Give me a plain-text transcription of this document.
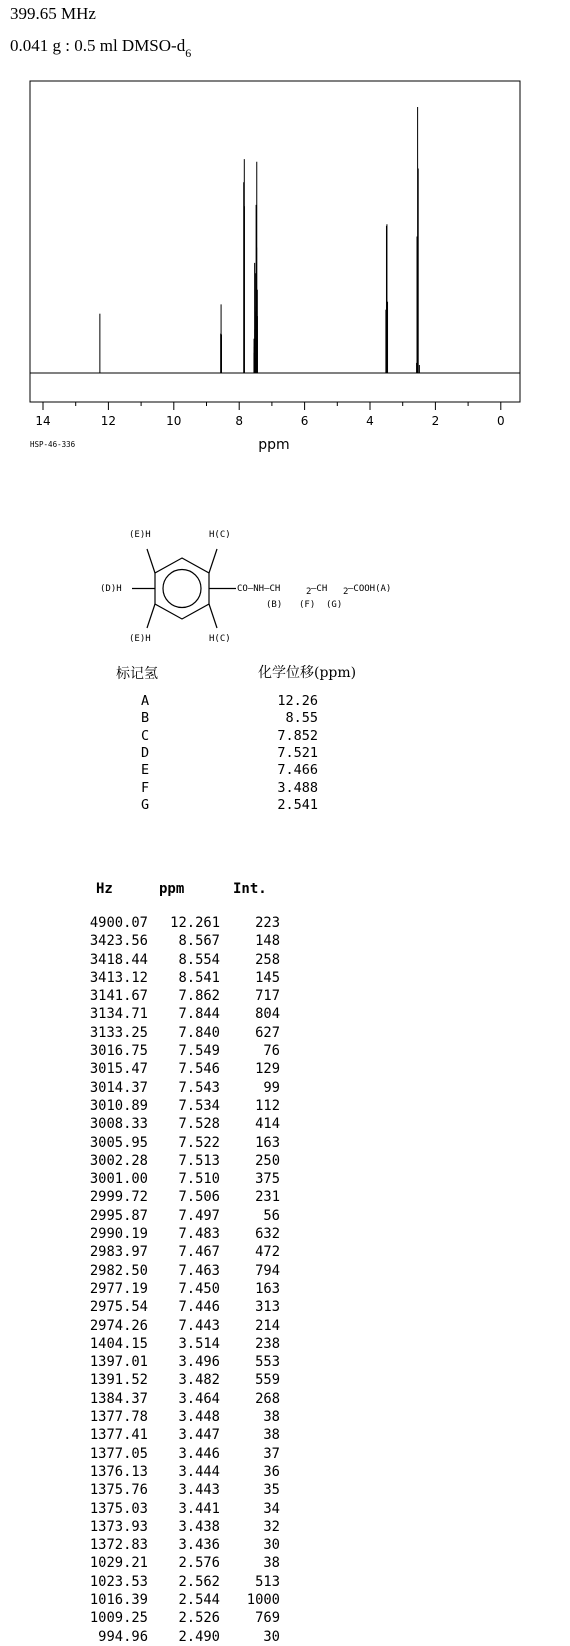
399.65 MHz
0.041 g : 0.5 ml DMSO-$d_6$
14	12	10	8	6	4	2	0
ppm
HSP-46-336
(E)H	H(C)
(D)H	CO—NH—CH	2 —CH 2 —COOH(A)
(B) (F) (G)
(E)H	H(C)
标记氢	化学位移(ppm)
A	12.26
B	8.55
C	7.852
D	7.521
E	7.466
F	3.488
G	2.541
Hz	ppm	Int.
4900.07	12.261	223
3423.56	8.567	148
3418.44	8.554	258
3413.12	8.541	145
3141.67	7.862	717
3134.71	7.844	804
3133.25	7.840	627
3016.75	7.549	76
3015.47	7.546	129
3014.37	7.543	99
3010.89	7.534	112
3008.33	7.528	414
3005.95	7.522	163
3002.28	7.513	250
3001.00	7.510	375
2999.72	7.506	231
2995.87	7.497	56
2990.19	7.483	632
2983.97	7.467	472
2982.50	7.463	794
2977.19	7.450	163
2975.54	7.446	313
2974.26	7.443	214
1404.15	3.514	238
1397.01	3.496	553
1391.52	3.482	559
1384.37	3.464	268
1377.78	3.448	38
1377.41	3.447	38
1377.05	3.446	37
1376.13	3.444	36
1375.76	3.443	35
1375.03	3.441	34
1373.93	3.438	32
1372.83	3.436	30
1029.21	2.576	38
1023.53	2.562	513
1016.39	2.544	1000
1009.25	2.526	769
994.96	2.490	30
